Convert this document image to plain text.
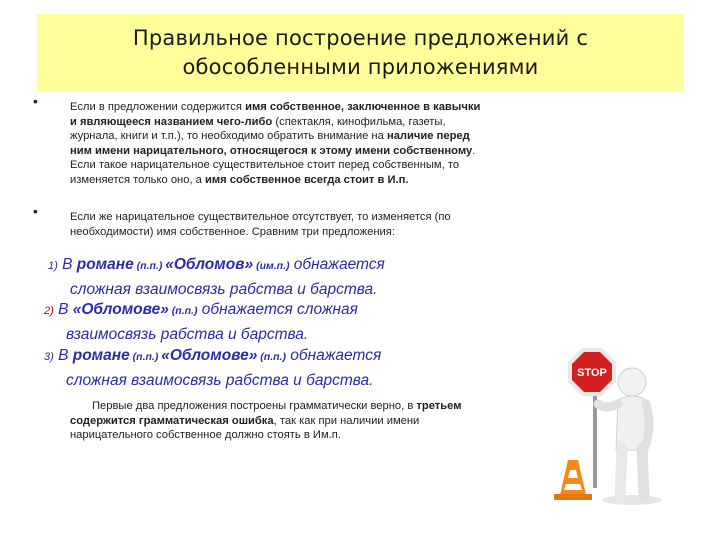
Правильное построение предложений с
обособленными приложениями
•	Если в предложении содержится имя собственное, заключенное в кавычки и являющееся названием чего-либо (спектакля, кинофильма, газеты, журнала, книги и т.п.), то необходимо обратить внимание на наличие перед ним имени нарицательного, относящегося к этому имени собственному. Если такое нарицательное существительное стоит перед собственным, то изменяется только оно, а имя собственное всегда стоит в И.п.
•	Если же нарицательное существительное отсутствует, то изменяется (по необходимости) имя собственное. Сравним три предложения:
1) В романе (п.п.) «Обломов» (им.п.) обнажается
сложная взаимосвязь рабства и барства.
2) В «Обломове» (п.п.) обнажается сложная
взаимосвязь рабства и барства.
3) В романе (п.п.) «Обломове» (п.п.) обнажается
сложная взаимосвязь рабства и барства.
Первые два предложения построены грамматически верно, в третьем содержится грамматическая ошибка, так как при наличии имени нарицательного собственное должно стоять в Им.п.
STOP
